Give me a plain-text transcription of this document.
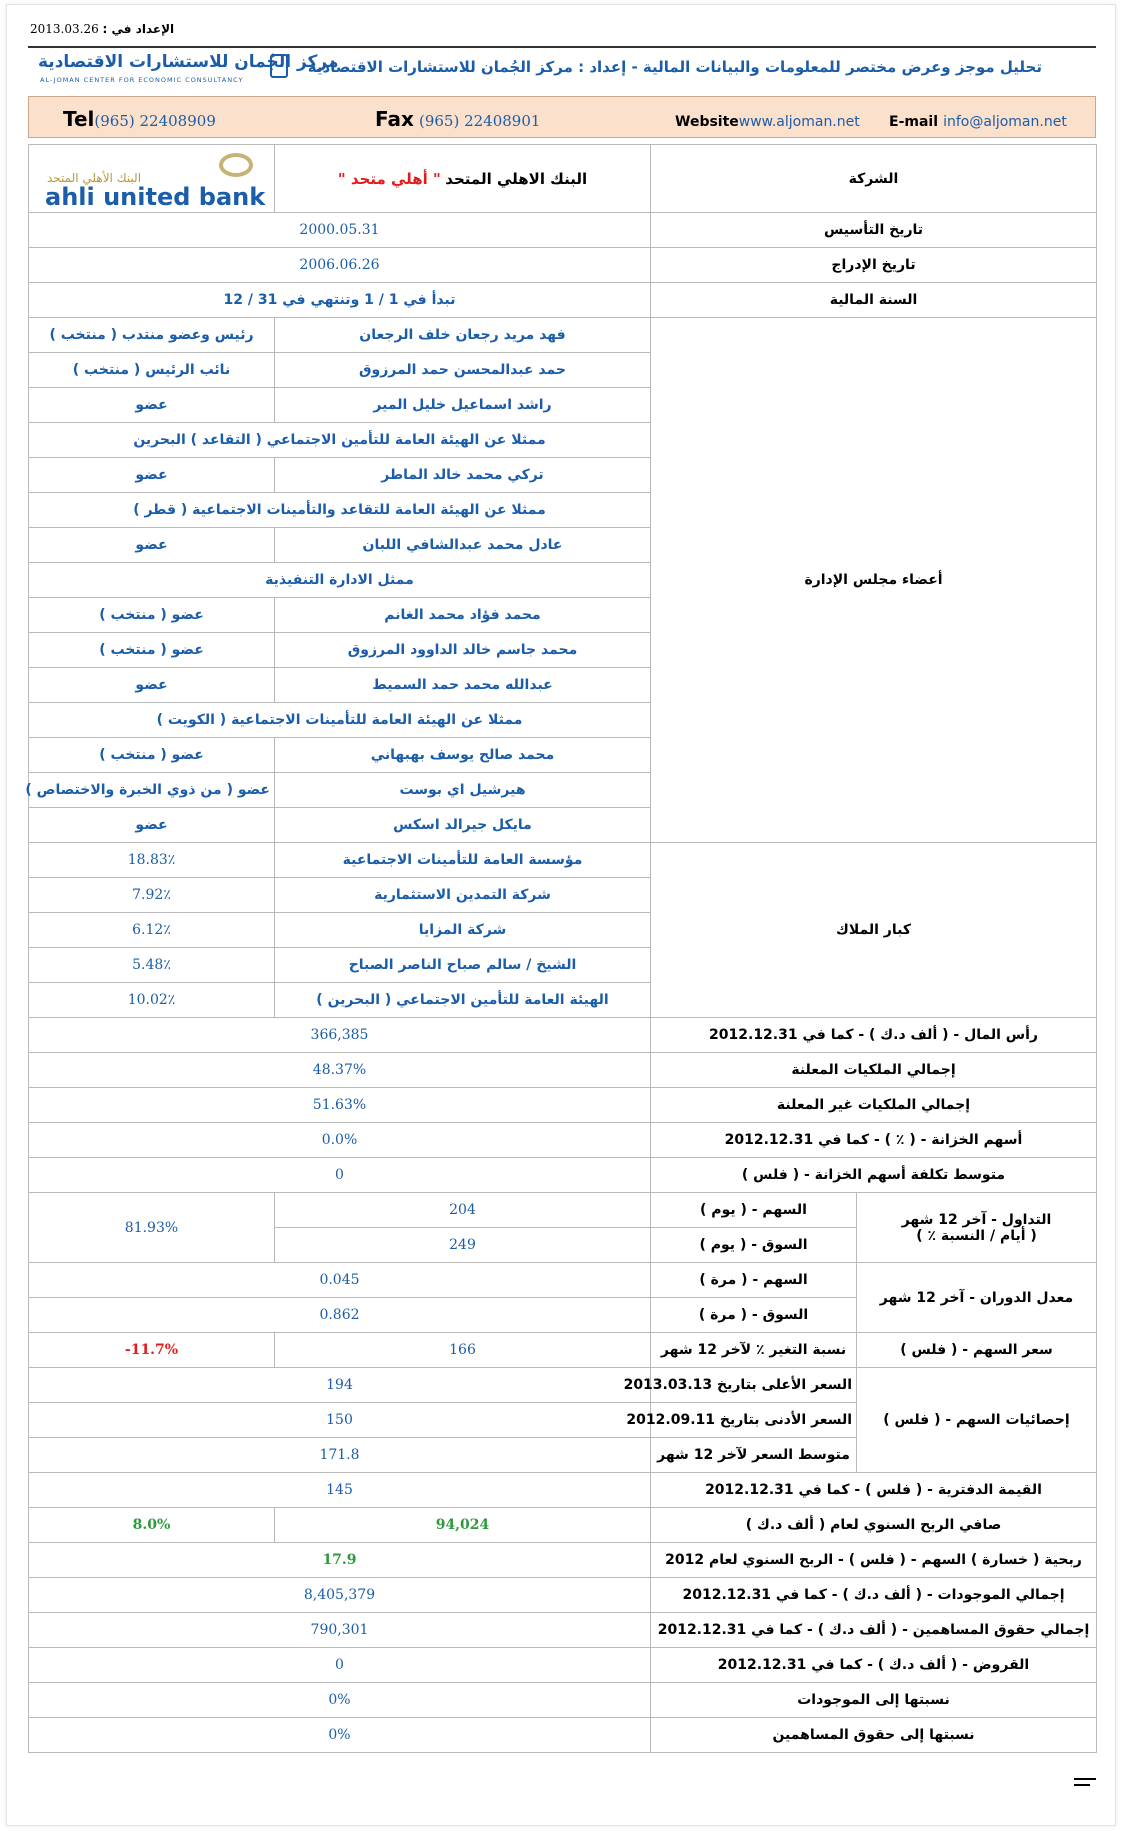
الإعداد في : 2013.03.26
مركز الجُمان للاستشارات الاقتصادية
AL-JOMAN CENTER FOR ECONOMIC CONSULTANCY
تحليل موجز وعرض مختصر للمعلومات والبيانات المالية - إعداد : مركز الجُمان للاستشارات الاقتصادية
Tel(965) 22408909	Fax (965) 22408901	Websitewww.aljoman.net E-mail info@aljoman.net
البنك الأهلي المتحد
ahli united bank	البنك الاهلي المتحد " أهلي متحد "	الشركة	
2000.05.31		تاريخ التأسيس	
2006.06.26		تاريخ الإدراج	
تبدأ في 1 / 1 وتنتهي في 31 / 12		السنة المالية	
رئيس وعضو منتدب ( منتخب )	فهد مريد رجعان خلف الرجعان	أعضاء مجلس الإدارة	
نائب الرئيس ( منتخب )	حمد عبدالمحسن حمد المرزوق		
عضو	راشد اسماعيل خليل المير		
ممثلا عن الهيئة العامة للتأمين الاجتماعي ( التقاعد ) البحرين			
عضو	تركي محمد خالد الماطر		
ممثلا عن الهيئة العامة للتقاعد والتأمينات الاجتماعية ( قطر )			
عضو	عادل محمد عبدالشافي اللبان		
ممثل الادارة التنفيذية			
عضو ( منتخب )	محمد فؤاد محمد الغانم		
عضو ( منتخب )	محمد جاسم خالد الداوود المرزوق		
عضو	عبدالله محمد حمد السميط		
ممثلا عن الهيئة العامة للتأمينات الاجتماعية ( الكويت )			
عضو ( منتخب )	محمد صالح يوسف بهبهاني		
عضو ( من ذوي الخبرة والاختصاص )	هيرشيل اي بوست		
عضو	مايكل جيرالد اسكس		
18.83٪	مؤسسة العامة للتأمينات الاجتماعية	كبار الملاك	
7.92٪	شركة التمدين الاستثمارية		
6.12٪	شركة المزايا		
5.48٪	الشيخ / سالم صباح الناصر الصباح		
10.02٪	الهيئة العامة للتأمين الاجتماعي ( البحرين )		
366,385		رأس المال - ( ألف د.ك ) - كما في 2012.12.31	
48.37%		إجمالي الملكيات المعلنة	
51.63%		إجمالي الملكيات غير المعلنة	
0.0%		أسهم الخزانة - ( ٪ ) - كما في 2012.12.31	
0		متوسط تكلفة أسهم الخزانة - ( فلس )	
81.93%	204	السهم - ( يوم )	التداول - آخر 12 شهر
( أيام / النسبة ٪ )

	249	السوق - ( يوم )	
0.045		السهم - ( مرة )	معدل الدوران - آخر 12 شهر
0.862		السوق - ( مرة )	
-11.7%	166	نسبة التغير ٪ لآخر 12 شهر	سعر السهم - ( فلس )
194		السعر الأعلى بتاريخ 2013.03.13	إحصائيات السهم - ( فلس )
150		السعر الأدنى بتاريخ 2012.09.11	
171.8		متوسط السعر لآخر 12 شهر	
145		القيمة الدفترية - ( فلس ) - كما في 2012.12.31	
8.0%	94,024	صافي الربح السنوي لعام ( ألف د.ك )	
17.9		ربحية ( خسارة ) السهم - ( فلس ) - الربح السنوي لعام 2012	
8,405,379		إجمالي الموجودات - ( ألف د.ك ) - كما في 2012.12.31	
790,301		إجمالي حقوق المساهمين - ( ألف د.ك ) - كما في 2012.12.31	
0		القروض - ( ألف د.ك ) - كما في 2012.12.31	
0%		نسبتها إلى الموجودات	
0%		نسبتها إلى حقوق المساهمين	
